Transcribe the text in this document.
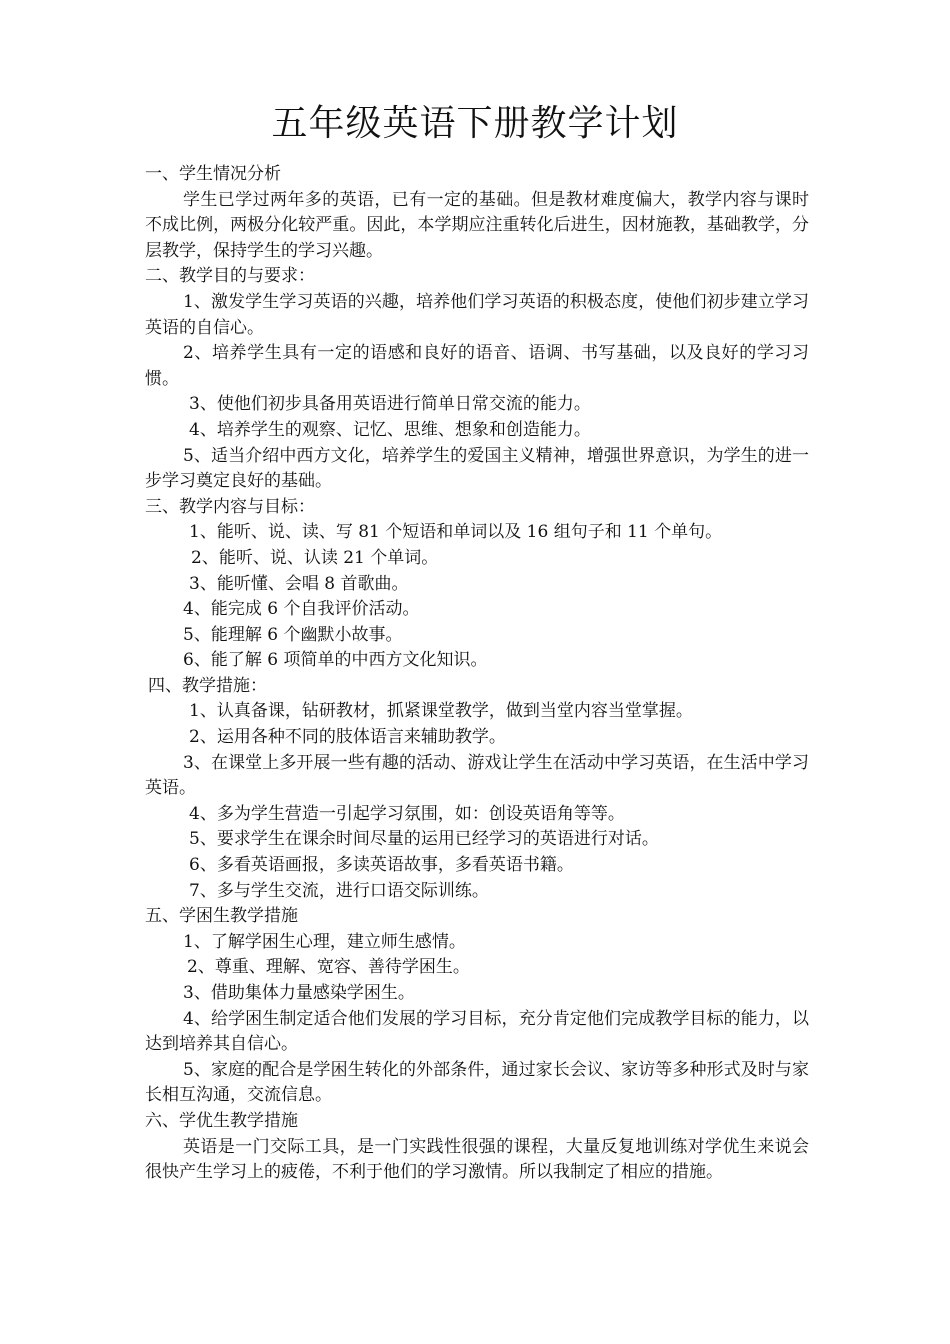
五年级英语下册教学计划

一、学生情况分析

学生已学过两年多的英语，已有一定的基础。但是教材难度偏大，教学内容与课时不成比例，两极分化较严重。因此，本学期应注重转化后进生，因材施教，基础教学，分层教学，保持学生的学习兴趣。

二、教学目的与要求：

1、激发学生学习英语的兴趣，培养他们学习英语的积极态度，使他们初步建立学习英语的自信心。

2、培养学生具有一定的语感和良好的语音、语调、书写基础，以及良好的学习习惯。

3、使他们初步具备用英语进行简单日常交流的能力。

4、培养学生的观察、记忆、思维、想象和创造能力。

5、适当介绍中西方文化，培养学生的爱国主义精神，增强世界意识，为学生的进一步学习奠定良好的基础。

三、教学内容与目标：

1、能听、说、读、写 81 个短语和单词以及 16 组句子和 11 个单句。

2、能听、说、认读 21 个单词。

3、能听懂、会唱 8 首歌曲。

4、能完成 6 个自我评价活动。

5、能理解 6 个幽默小故事。

6、能了解 6 项简单的中西方文化知识。

四、教学措施：

1、认真备课，钻研教材，抓紧课堂教学，做到当堂内容当堂掌握。

2、运用各种不同的肢体语言来辅助教学。

3、在课堂上多开展一些有趣的活动、游戏让学生在活动中学习英语，在生活中学习英语。

4、多为学生营造一引起学习氛围，如：创设英语角等等。

5、要求学生在课余时间尽量的运用已经学习的英语进行对话。

6、多看英语画报，多读英语故事，多看英语书籍。

7、多与学生交流，进行口语交际训练。

五、学困生教学措施

1、了解学困生心理，建立师生感情。

2、尊重、理解、宽容、善待学困生。

3、借助集体力量感染学困生。

4、给学困生制定适合他们发展的学习目标，充分肯定他们完成教学目标的能力，以达到培养其自信心。

5、家庭的配合是学困生转化的外部条件，通过家长会议、家访等多种形式及时与家长相互沟通，交流信息。

六、学优生教学措施

英语是一门交际工具，是一门实践性很强的课程，大量反复地训练对学优生来说会很快产生学习上的疲倦，不利于他们的学习激情。所以我制定了相应的措施。
